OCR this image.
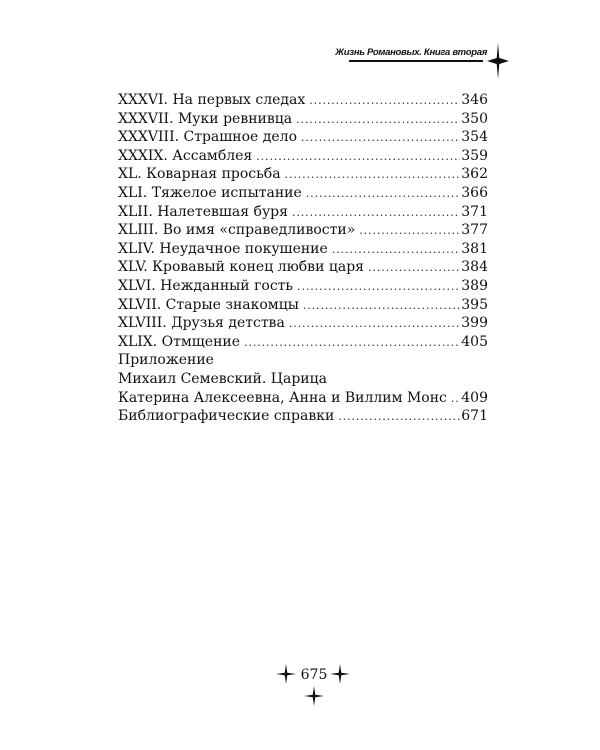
Жизнь Романовых. Книга вторая
XXXVI. На первых следах .....	346
XXXVII. Муки ревнивца .....	350
XXXVIII. Страшное дело .....	354
XXXIX. Ассамблея .....	359
XL. Коварная просьба .....	362
XLI. Тяжелое испытание .....	366
XLII. Налетевшая буря .....	371
XLIII. Во имя «справедливости» .....	377
XLIV. Неудачное покушение .....	381
XLV. Кровавый конец любви царя .....	384
XLVI. Нежданный гость .....	389
XLVII. Старые знакомцы .....	395
XLVIII. Друзья детства .....	399
XLIX. Отмщение .....	405
Приложение
Михаил Семевский. Царица
Катерина Алексеевна, Анна и Виллим Монс ..... 409
Библиографические справки .....	671
675
